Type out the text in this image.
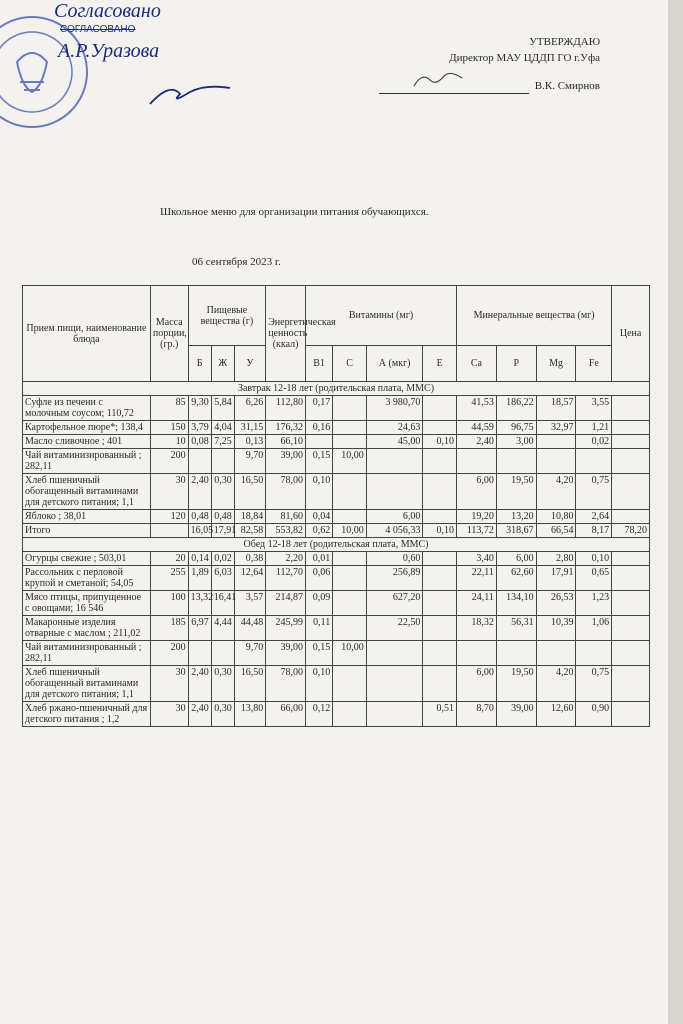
Согласовано
СОГЛАСОВАНО
А.Р.Уразова	УТВЕРЖДАЮ
Директор МАУ ЦДДП ГО г.Уфа
В.К. Смирнов
Школьное меню для организации питания обучающихся.
06 сентября 2023 г.
Прием пищи, наименование блюда	Масса порции, (гр.)	Пищевые вещества (г)			Энергетическая ценность (ккал)	Витамины (мг)				Минеральные вещества (мг)				Цена
		Б	Ж	У		В1	С	А (мкг)	Е	Ca	P	Mg	Fe	
Завтрак 12-18 лет (родительская плата, ММС)														
Суфле из печени с молочным соусом; 110,72	85	9,30	5,84	6,26	112,80	0,17		3 980,70		41,53	186,22	18,57	3,55	
Картофельное пюре*; 138,4	150	3,79	4,04	31,15	176,32	0,16		24,63		44,59	96,75	32,97	1,21	
Масло сливочное ; 401	10	0,08	7,25	0,13	66,10			45,00	0,10	2,40	3,00		0,02	
Чай витаминизированный ; 282,11	200			9,70	39,00	0,15	10,00							
Хлеб пшеничный обогащенный витаминами для детского питания; 1,1	30	2,40	0,30	16,50	78,00	0,10				6,00	19,50	4,20	0,75	
Яблоко ; 38,01	120	0,48	0,48	18,84	81,60	0,04		6,00		19,20	13,20	10,80	2,64	
Итого		16,05	17,91	82,58	553,82	0,62	10,00	4 056,33	0,10	113,72	318,67	66,54	8,17	78,20
Обед 12-18 лет (родительская плата, ММС)														
Огурцы свежие ; 503,01	20	0,14	0,02	0,38	2,20	0,01		0,60		3,40	6,00	2,80	0,10	
Рассольник с перловой крупой и сметаной; 54,05	255	1,89	6,03	12,64	112,70	0,06		256,89		22,11	62,60	17,91	0,65	
Мясо птицы, припущенное с овощами; 16 546	100	13,32	16,41	3,57	214,87	0,09		627,20		24,11	134,10	26,53	1,23	
Макаронные изделия отварные с маслом ; 211,02	185	6,97	4,44	44,48	245,99	0,11		22,50		18,32	56,31	10,39	1,06	
Чай витаминизированный ; 282,11	200			9,70	39,00	0,15	10,00							
Хлеб пшеничный обогащенный витаминами для детского питания; 1,1	30	2,40	0,30	16,50	78,00	0,10				6,00	19,50	4,20	0,75	
Хлеб ржано-пшеничный для детского питания ; 1,2	30	2,40	0,30	13,80	66,00	0,12			0,51	8,70	39,00	12,60	0,90	
